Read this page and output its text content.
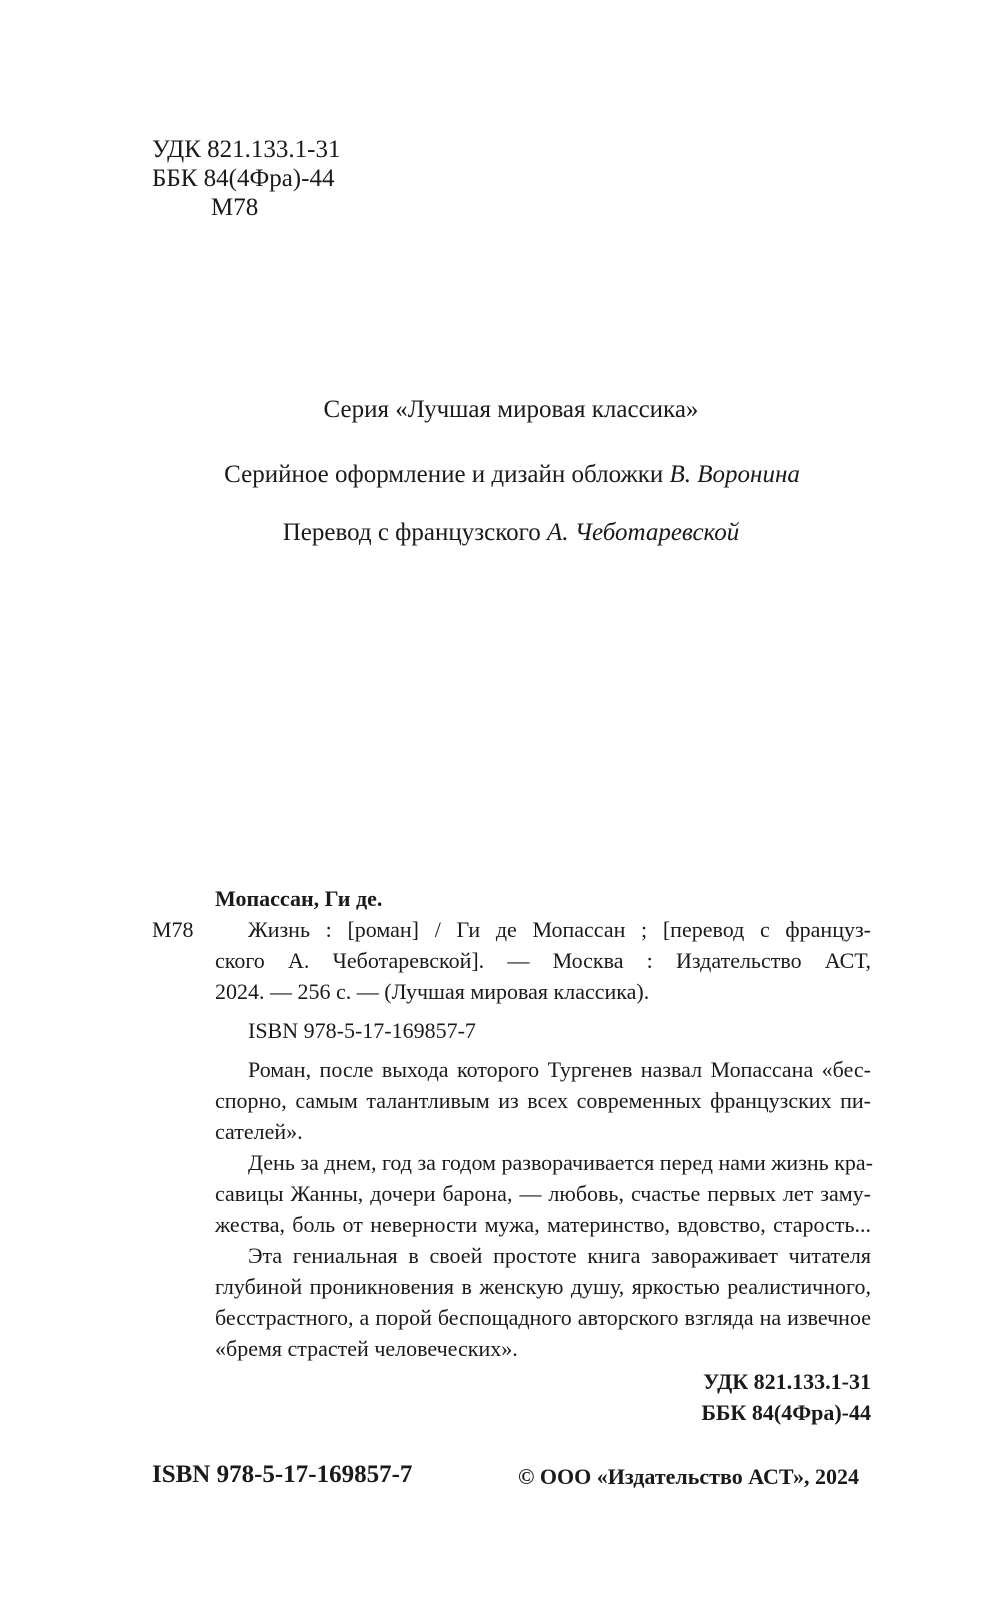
УДК 821.133.1-31
ББК 84(4Фра)-44
М78
Серия «Лучшая мировая классика»
Серийное оформление и дизайн обложки В. Воронина
Перевод с французского А. Чеботаревской
Мопассан, Ги де.
М78 Жизнь : [роман] / Ги де Мопассан ; [перевод с француз-
ского А. Чеботаревской]. — Москва : Издательство АСТ,
2024. — 256 с. — (Лучшая мировая классика).
ISBN 978-5-17-169857-7
Роман, после выхода которого Тургенев назвал Мопассана «бес-
спорно, самым талантливым из всех современных французских пи-
сателей».
День за днем, год за годом разворачивается перед нами жизнь кра-
савицы Жанны, дочери барона, — любовь, счастье первых лет заму-
жества, боль от неверности мужа, материнство, вдовство, старость...
Эта гениальная в своей простоте книга завораживает читателя
глубиной проникновения в женскую душу, яркостью реалистичного,
бесстрастного, а порой беспощадного авторского взгляда на извечное
«бремя страстей человеческих».
УДК 821.133.1-31
ББК 84(4Фра)-44
ISBN 978-5-17-169857-7	© ООО «Издательство АСТ», 2024
